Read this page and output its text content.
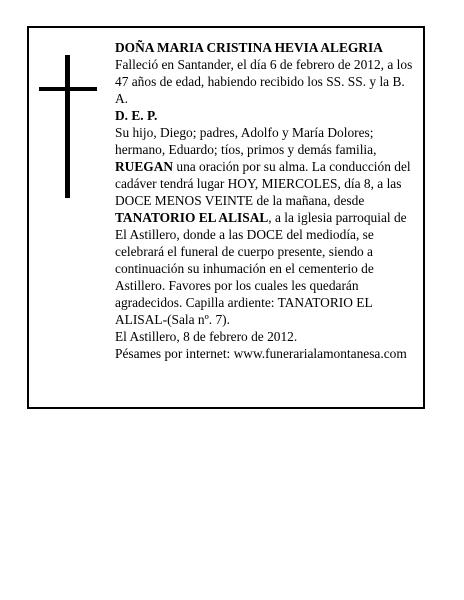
DOÑA MARIA CRISTINA HEVIA ALEGRIA

Falleció en Santander, el día 6 de febrero de 2012, a los 47 años de edad, habiendo recibido los SS. SS. y la B. A.

D. E. P.

Su hijo, Diego; padres, Adolfo y María Dolores; hermano, Eduardo; tíos, primos y demás familia, RUEGAN una oración por su alma. La conducción del cadáver tendrá lugar HOY, MIERCOLES, día 8, a las DOCE MENOS VEINTE de la mañana, desde TANATORIO EL ALISAL, a la iglesia parroquial de El Astillero, donde a las DOCE del mediodía, se celebrará el funeral de cuerpo presente, siendo a continuación su inhumación en el cementerio de Astillero. Favores por los cuales les quedarán agradecidos. Capilla ardiente: TANATORIO EL ALISAL-(Sala nº. 7).

El Astillero, 8 de febrero de 2012.

Pésames por internet: www.funerarialamontanesa.com
